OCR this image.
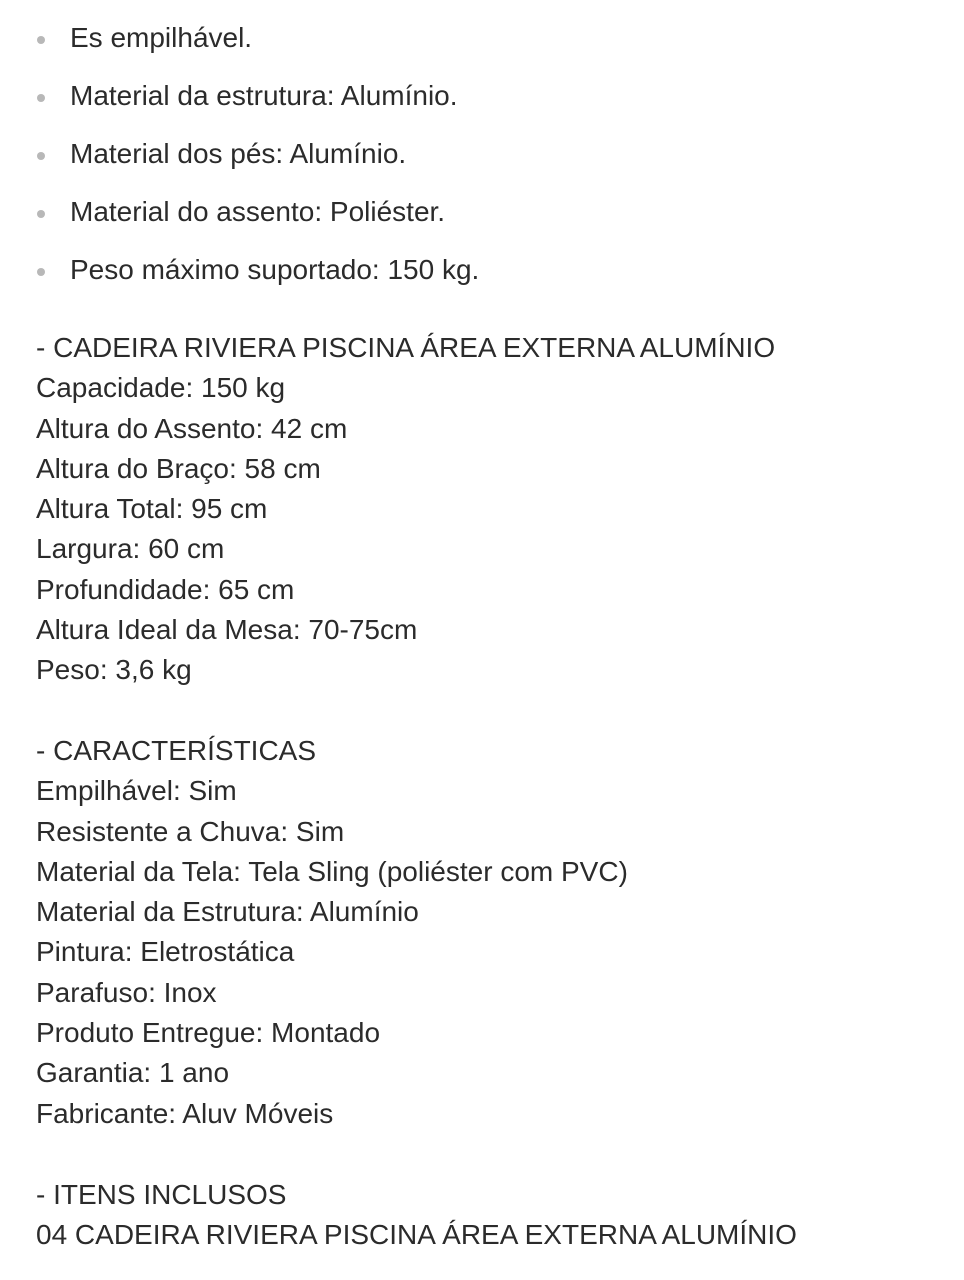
Es empilhável.
Material da estrutura: Alumínio.
Material dos pés: Alumínio.
Material do assento: Poliéster.
Peso máximo suportado: 150 kg.
- CADEIRA RIVIERA PISCINA ÁREA EXTERNA ALUMÍNIO
Capacidade: 150 kg
Altura do Assento: 42 cm
Altura do Braço: 58 cm
Altura Total: 95 cm
Largura: 60 cm
Profundidade: 65 cm
Altura Ideal da Mesa: 70-75cm
Peso: 3,6 kg
- CARACTERÍSTICAS
Empilhável: Sim
Resistente a Chuva: Sim
Material da Tela: Tela Sling (poliéster com PVC)
Material da Estrutura: Alumínio
Pintura: Eletrostática
Parafuso: Inox
Produto Entregue: Montado
Garantia: 1 ano
Fabricante: Aluv Móveis
- ITENS INCLUSOS
04 CADEIRA RIVIERA PISCINA ÁREA EXTERNA ALUMÍNIO
